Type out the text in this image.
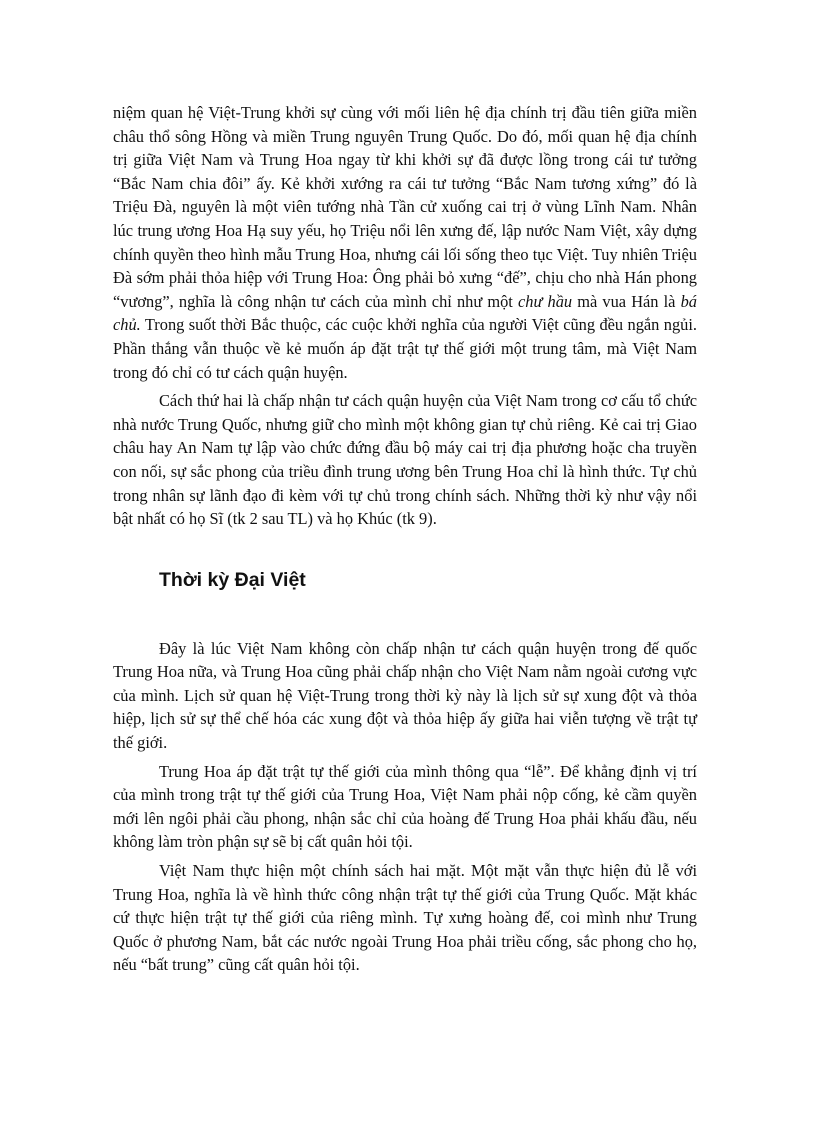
niệm quan hệ Việt-Trung khởi sự cùng với mối liên hệ địa chính trị đầu tiên giữa miền châu thổ sông Hồng và miền Trung nguyên Trung Quốc. Do đó, mối quan hệ địa chính trị giữa Việt Nam và Trung Hoa ngay từ khi khởi sự đã được lồng trong cái tư tưởng “Bắc Nam chia đôi” ấy. Kẻ khởi xướng ra cái tư tưởng “Bắc Nam tương xứng” đó là Triệu Đà, nguyên là một viên tướng nhà Tần cử xuống cai trị ở vùng Lĩnh Nam. Nhân lúc trung ương Hoa Hạ suy yếu, họ Triệu nổi lên xưng đế, lập nước Nam Việt, xây dựng chính quyền theo hình mẫu Trung Hoa, nhưng cái lối sống theo tục Việt. Tuy nhiên Triệu Đà sớm phải thỏa hiệp với Trung Hoa: Ông phải bỏ xưng “đế”, chịu cho nhà Hán phong “vương”, nghĩa là công nhận tư cách của mình chỉ như một chư hầu mà vua Hán là bá chủ. Trong suốt thời Bắc thuộc, các cuộc khởi nghĩa của người Việt cũng đều ngắn ngủi. Phần thắng vẫn thuộc về kẻ muốn áp đặt trật tự thế giới một trung tâm, mà Việt Nam trong đó chỉ có tư cách quận huyện.

Cách thứ hai là chấp nhận tư cách quận huyện của Việt Nam trong cơ cấu tổ chức nhà nước Trung Quốc, nhưng giữ cho mình một không gian tự chủ riêng. Kẻ cai trị Giao châu hay An Nam tự lập vào chức đứng đầu bộ máy cai trị địa phương hoặc cha truyền con nối, sự sắc phong của triều đình trung ương bên Trung Hoa chỉ là hình thức. Tự chủ trong nhân sự lãnh đạo đi kèm với tự chủ trong chính sách. Những thời kỳ như vậy nổi bật nhất có họ Sĩ (tk 2 sau TL) và họ Khúc (tk 9).

Thời kỳ Đại Việt

Đây là lúc Việt Nam không còn chấp nhận tư cách quận huyện trong đế quốc Trung Hoa nữa, và Trung Hoa cũng phải chấp nhận cho Việt Nam nằm ngoài cương vực của mình. Lịch sử quan hệ Việt-Trung trong thời kỳ này là lịch sử sự xung đột và thỏa hiệp, lịch sử sự thể chế hóa các xung đột và thỏa hiệp ấy giữa hai viễn tượng về trật tự thế giới.

Trung Hoa áp đặt trật tự thế giới của mình thông qua “lễ”. Để khẳng định vị trí của mình trong trật tự thế giới của Trung Hoa, Việt Nam phải nộp cống, kẻ cầm quyền mới lên ngôi phải cầu phong, nhận sắc chỉ của hoàng đế Trung Hoa phải khấu đầu, nếu không làm tròn phận sự sẽ bị cất quân hỏi tội.

Việt Nam thực hiện một chính sách hai mặt. Một mặt vẫn thực hiện đủ lễ với Trung Hoa, nghĩa là về hình thức công nhận trật tự thế giới của Trung Quốc. Mặt khác cứ thực hiện trật tự thế giới của riêng mình. Tự xưng hoàng đế, coi mình như Trung Quốc ở phương Nam, bắt các nước ngoài Trung Hoa phải triều cống, sắc phong cho họ, nếu “bất trung” cũng cất quân hỏi tội.
